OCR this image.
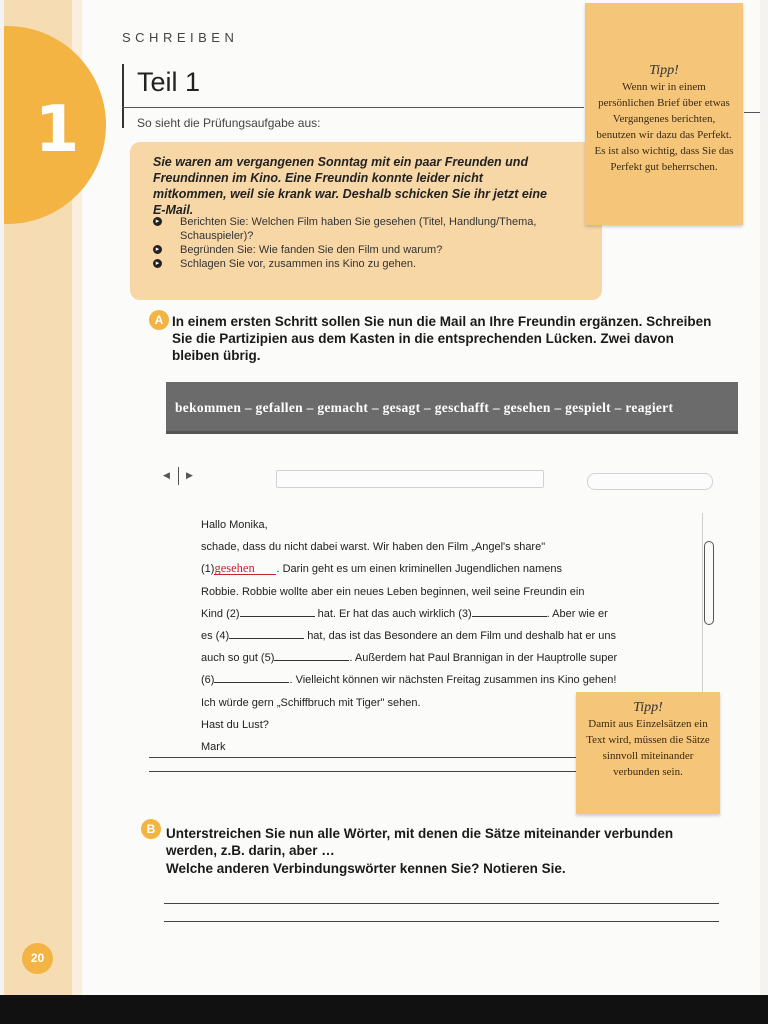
1
SCHREIBEN
Teil 1
So sieht die Prüfungsaufgabe aus:
Sie waren am vergangenen Sonntag mit ein paar Freunden und Freundinnen im Kino. Eine Freundin konnte leider nicht mitkommen, weil sie krank war. Deshalb schicken Sie ihr jetzt eine E-Mail.
▸ Berichten Sie: Welchen Film haben Sie gesehen (Titel, Handlung/Thema, Schauspieler)?
▸ Begründen Sie: Wie fanden Sie den Film und warum?
▸ Schlagen Sie vor, zusammen ins Kino zu gehen.
Tipp!
Wenn wir in einem persönlichen Brief über etwas Vergangenes berichten, benutzen wir dazu das Perfekt. Es ist also wichtig, dass Sie das Perfekt gut beherrschen.
A In einem ersten Schritt sollen Sie nun die Mail an Ihre Freundin ergänzen. Schreiben Sie die Partizipien aus dem Kasten in die entsprechenden Lücken. Zwei davon bleiben übrig.
bekommen – gefallen – gemacht – gesagt – geschafft – gesehen – gespielt – reagiert
◀ ▶
Hallo Monika,
schade, dass du nicht dabei warst. Wir haben den Film „Angel's share"
(1)gesehen . Darin geht es um einen kriminellen Jugendlichen namens
Robbie. Robbie wollte aber ein neues Leben beginnen, weil seine Freundin ein
Kind (2)	hat. Er hat das auch wirklich (3)	. Aber wie er
es (4)	hat, das ist das Besondere an dem Film und deshalb hat er uns
auch so gut (5)	. Außerdem hat Paul Brannigan in der Hauptrolle super
(6)	. Vielleicht können wir nächsten Freitag zusammen ins Kino gehen!
Ich würde gern „Schiffbruch mit Tiger" sehen.
Hast du Lust?
Mark
Tipp!
Damit aus Einzelsätzen ein Text wird, müssen die Sätze sinnvoll miteinander verbunden sein.
B Unterstreichen Sie nun alle Wörter, mit denen die Sätze miteinander verbunden werden, z.B. darin, aber …
Welche anderen Verbindungswörter kennen Sie? Notieren Sie.
20
